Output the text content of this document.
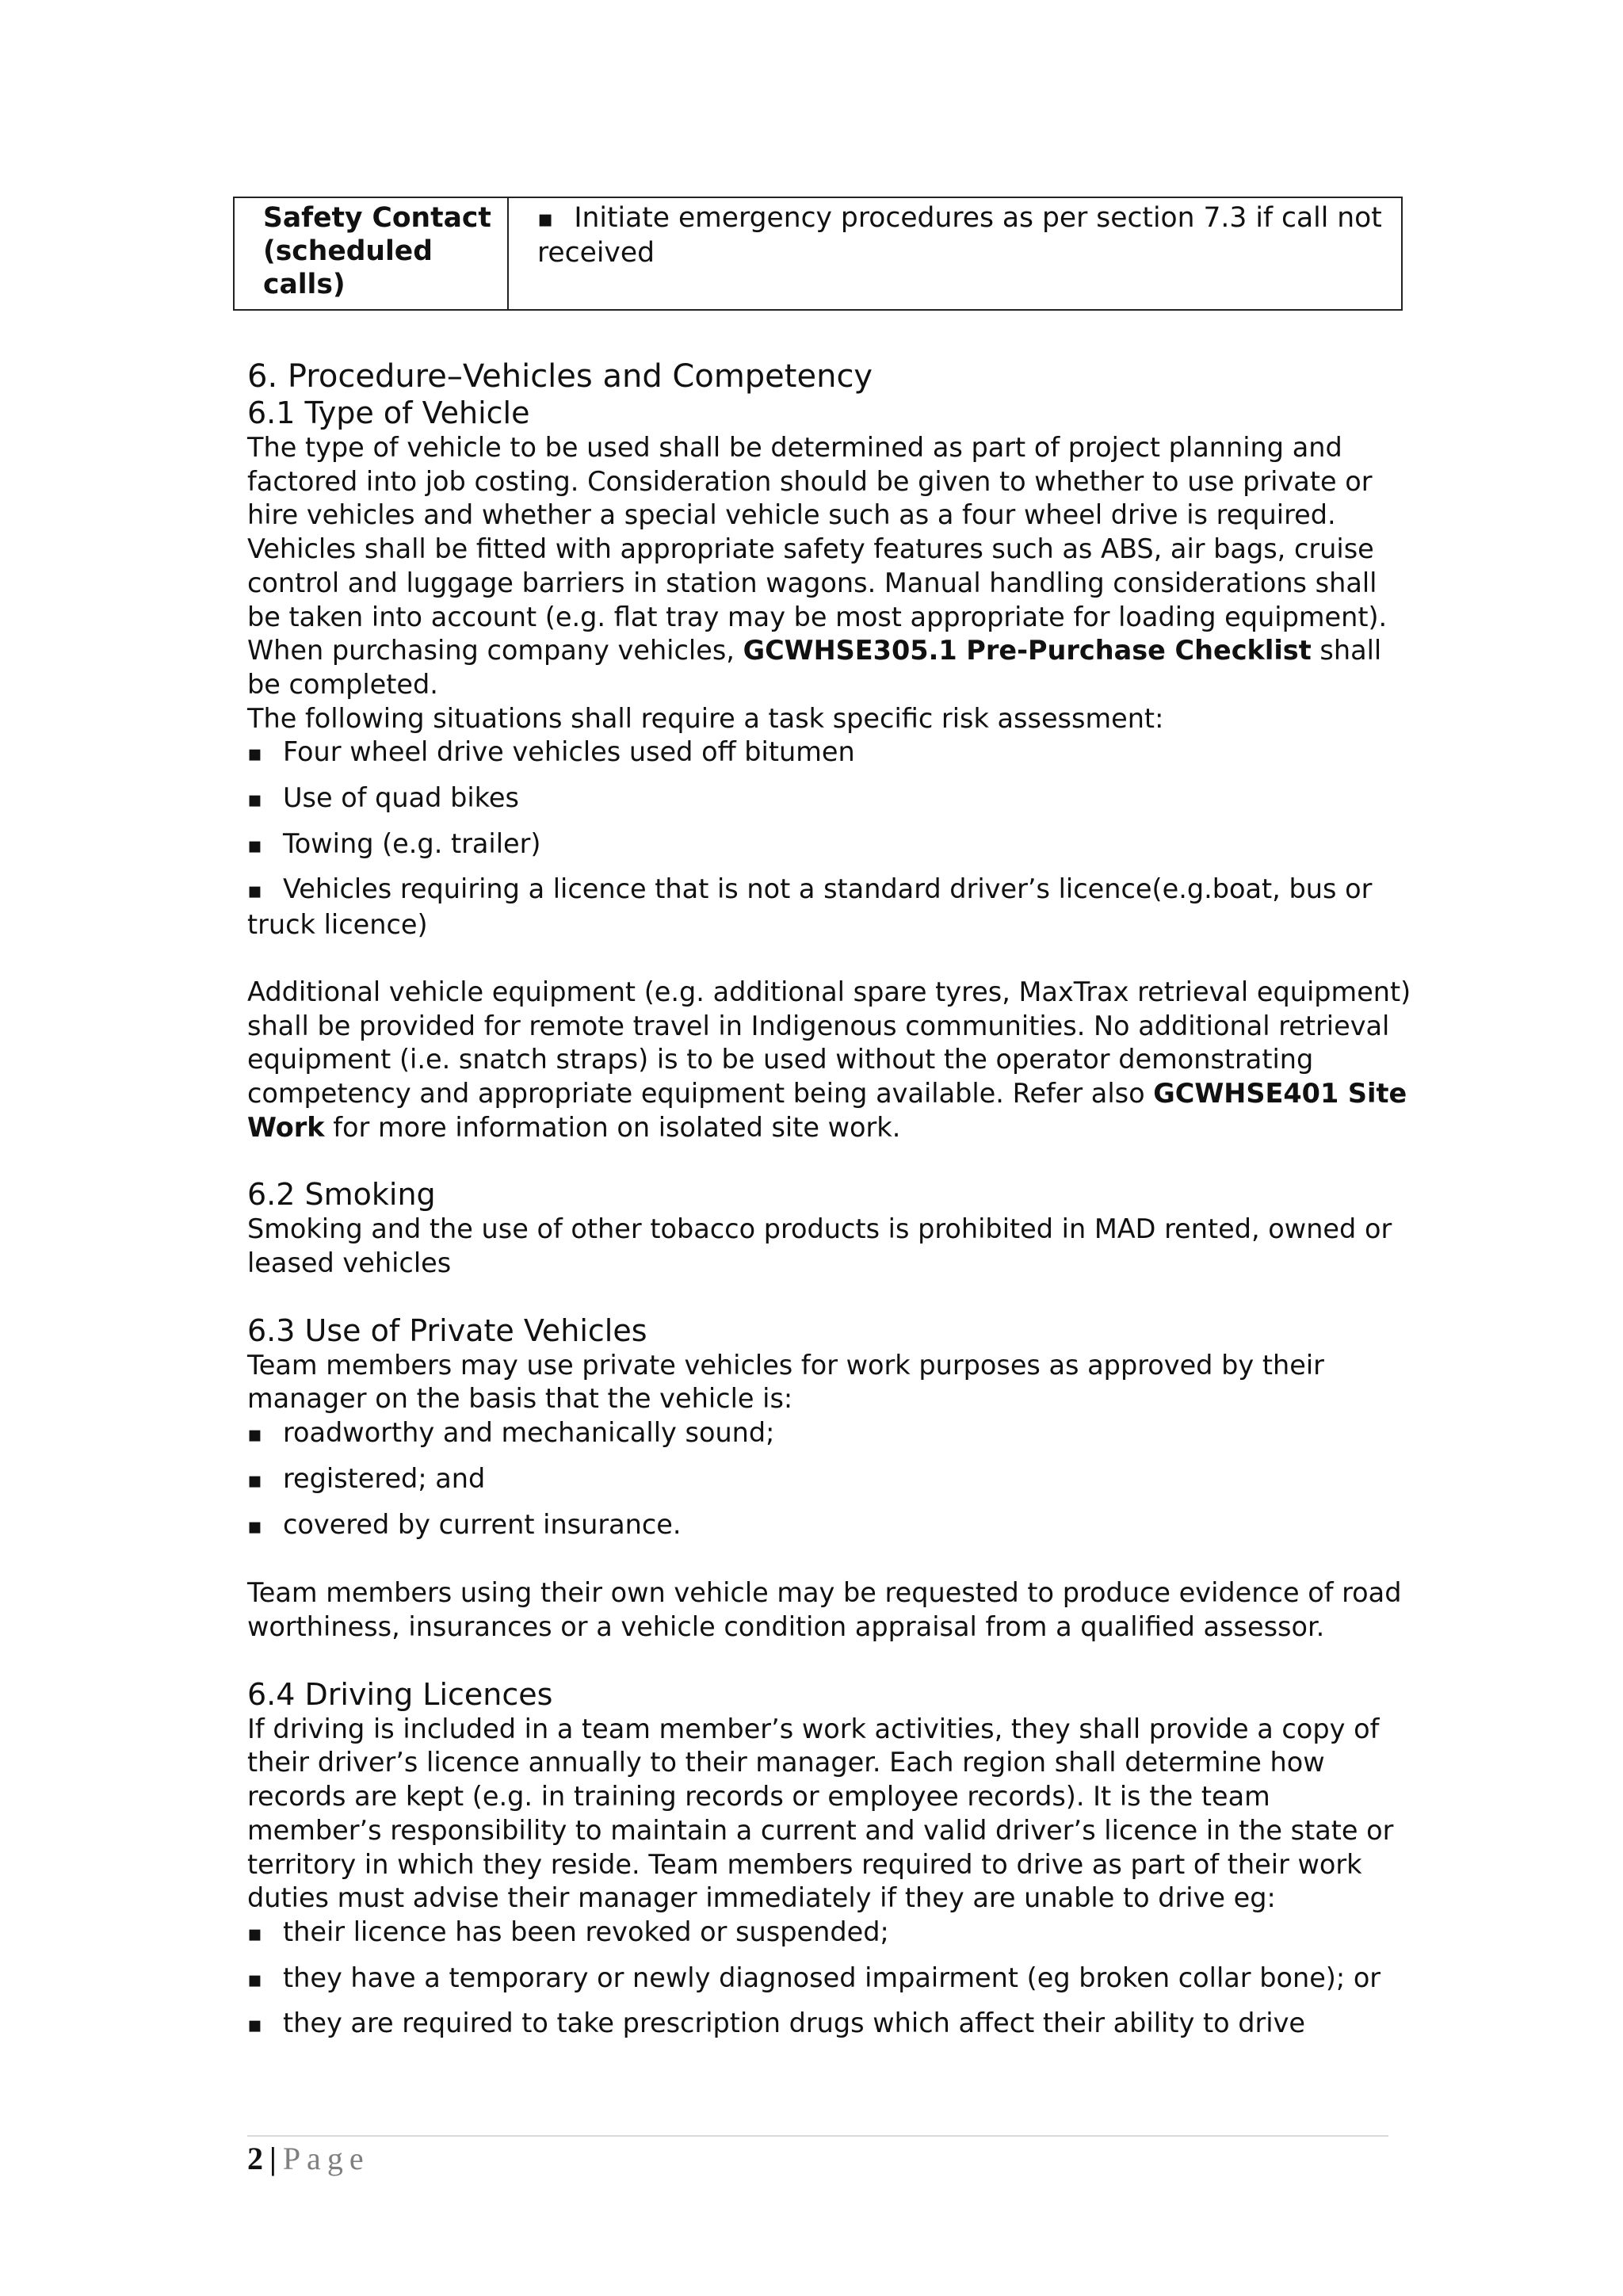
Safety Contact
(scheduled
calls)
	▪ Initiate emergency procedures as per section 7.3 if call not received
6. Procedure–Vehicles and Competency
6.1 Type of Vehicle

The type of vehicle to be used shall be determined as part of project planning and factored into job costing. Consideration should be given to whether to use private or hire vehicles and whether a special vehicle such as a four wheel drive is required. Vehicles shall be fitted with appropriate safety features such as ABS, air bags, cruise control and luggage barriers in station wagons. Manual handling considerations shall be taken into account (e.g. flat tray may be most appropriate for loading equipment).

When purchasing company vehicles, GCWHSE305.1 Pre-Purchase Checklist shall be completed.

The following situations shall require a task specific risk assessment:

▪ Four wheel drive vehicles used off bitumen
▪ Use of quad bikes
▪ Towing (e.g. trailer)
▪ Vehicles requiring a licence that is not a standard driver’s licence(e.g.boat, bus or truck licence)

Additional vehicle equipment (e.g. additional spare tyres, MaxTrax retrieval equipment) shall be provided for remote travel in Indigenous communities. No additional retrieval equipment (i.e. snatch straps) is to be used without the operator demonstrating competency and appropriate equipment being available. Refer also GCWHSE401 Site Work for more information on isolated site work.

6.2 Smoking

Smoking and the use of other tobacco products is prohibited in MAD rented, owned or leased vehicles

6.3 Use of Private Vehicles

Team members may use private vehicles for work purposes as approved by their manager on the basis that the vehicle is:

▪ roadworthy and mechanically sound;
▪ registered; and
▪ covered by current insurance.

Team members using their own vehicle may be requested to produce evidence of road worthiness, insurances or a vehicle condition appraisal from a qualified assessor.

6.4 Driving Licences

If driving is included in a team member’s work activities, they shall provide a copy of their driver’s licence annually to their manager. Each region shall determine how records are kept (e.g. in training records or employee records). It is the team member’s responsibility to maintain a current and valid driver’s licence in the state or territory in which they reside. Team members required to drive as part of their work duties must advise their manager immediately if they are unable to drive eg:

▪ their licence has been revoked or suspended;
▪ they have a temporary or newly diagnosed impairment (eg broken collar bone); or
▪ they are required to take prescription drugs which affect their ability to drive
2 | Page
